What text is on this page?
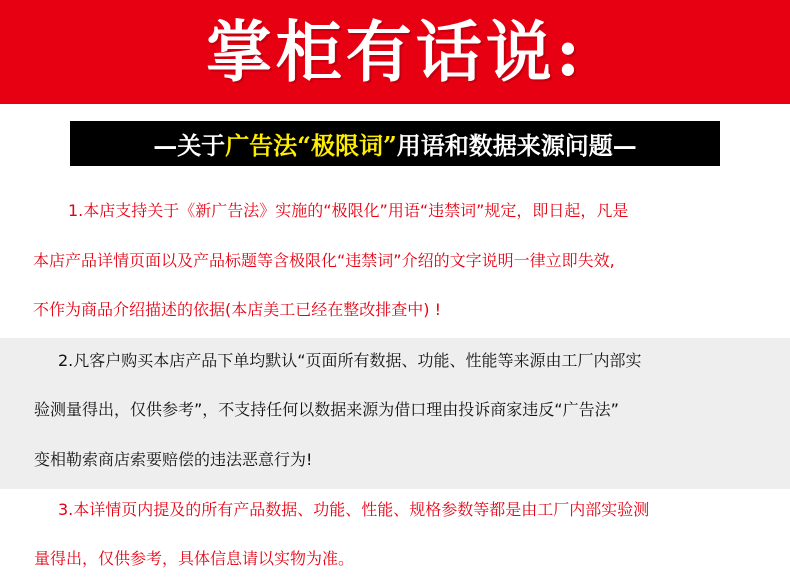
掌柜有话说:
—关于 广告法“极限词” 用语和数据来源问题—
1.本店支持关于《新广告法》实施的“极限化”用语“违禁词”规定，即日起，凡是
本店产品详情页面以及产品标题等含极限化“违禁词”介绍的文字说明一律立即失效,
不作为商品介绍描述的依据(本店美工已经在整改排查中) !
2.凡客户购买本店产品下单均默认“页面所有数据、功能、性能等来源由工厂内部实
验测量得出，仅供参考”，不支持任何以数据来源为借口理由投诉商家违反“广告法”
变相勒索商店索要赔偿的违法恶意行为!
3.本详情页内提及的所有产品数据、功能、性能、规格参数等都是由工厂内部实验测
量得出，仅供参考，具体信息请以实物为准。
